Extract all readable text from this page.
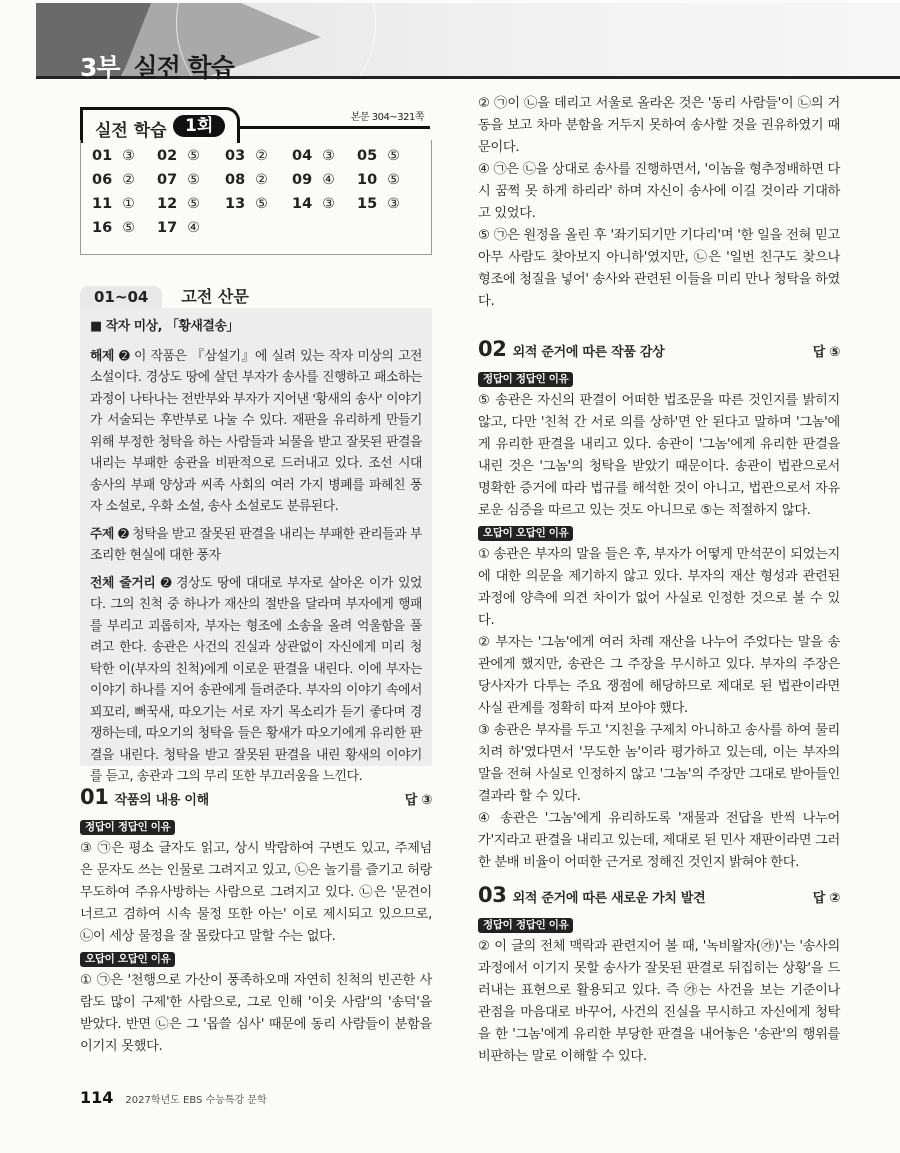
3부 실전 학습
실전 학습	1회	본문 304~321쪽
01 ③	02 ⑤	03 ②	04 ③	05 ⑤
06 ②	07 ⑤	08 ②	09 ④	10 ⑤
11 ①	12 ⑤	13 ⑤	14 ③	15 ③
16 ⑤	17 ④
01~04 고전 산문

■ 작자 미상, 「황새결송」

해제 ➋ 이 작품은 『삼설기』에 실려 있는 작자 미상의 고전 소설이다. 경상도 땅에 살던 부자가 송사를 진행하고 패소하는 과정이 나타나는 전반부와 부자가 지어낸 '황새의 송사' 이야기가 서술되는 후반부로 나눌 수 있다. 재판을 유리하게 만들기 위해 부정한 청탁을 하는 사람들과 뇌물을 받고 잘못된 판결을 내리는 부패한 송관을 비판적으로 드러내고 있다. 조선 시대 송사의 부패 양상과 씨족 사회의 여러 가지 병폐를 파헤친 풍자 소설로, 우화 소설, 송사 소설로도 분류된다.

주제 ➋ 청탁을 받고 잘못된 판결을 내리는 부패한 관리들과 부조리한 현실에 대한 풍자

전체 줄거리 ➋ 경상도 땅에 대대로 부자로 살아온 이가 있었다. 그의 친척 중 하나가 재산의 절반을 달라며 부자에게 행패를 부리고 괴롭히자, 부자는 형조에 소송을 올려 억울함을 풀려고 한다. 송관은 사건의 진실과 상관없이 자신에게 미리 청탁한 이(부자의 친척)에게 이로운 판결을 내린다. 이에 부자는 이야기 하나를 지어 송관에게 들려준다. 부자의 이야기 속에서 꾀꼬리, 뻐꾹새, 따오기는 서로 자기 목소리가 듣기 좋다며 경쟁하는데, 따오기의 청탁을 들은 황새가 따오기에게 유리한 판결을 내린다. 청탁을 받고 잘못된 판결을 내린 황새의 이야기를 듣고, 송관과 그의 무리 또한 부끄러움을 느낀다.

01 작품의 내용 이해	답 ③
정답이 정답인 이유

③ ㉠은 평소 글자도 읽고, 상시 박람하여 구변도 있고, 주제넘은 문자도 쓰는 인물로 그려지고 있고, ㉡은 놀기를 즐기고 허랑무도하여 주유사방하는 사람으로 그려지고 있다. ㉡은 '문견이 너르고 겸하여 시속 물정 또한 아는' 이로 제시되고 있으므로, ㉡이 세상 물정을 잘 몰랐다고 말할 수는 없다.

오답이 오답인 이유

① ㉠은 '천행으로 가산이 풍족하오매 자연히 친척의 빈곤한 사람도 많이 구제'한 사람으로, 그로 인해 '이웃 사람'의 '송덕'을 받았다. 반면 ㉡은 그 '몹쓸 심사' 때문에 동리 사람들이 분함을 이기지 못했다.

② ㉠이 ㉡을 데리고 서울로 올라온 것은 '동리 사람들'이 ㉡의 거동을 보고 차마 분함을 거두지 못하여 송사할 것을 권유하였기 때문이다.

④ ㉠은 ㉡을 상대로 송사를 진행하면서, '이놈을 형추정배하면 다시 꿈쩍 못 하게 하리라' 하며 자신이 송사에 이길 것이라 기대하고 있었다.

⑤ ㉠은 원정을 올린 후 '좌기되기만 기다리'며 '한 일을 전혀 믿고 아무 사람도 찾아보지 아니하'였지만, ㉡은 '일번 친구도 찾으나 형조에 청질을 넣어' 송사와 관련된 이들을 미리 만나 청탁을 하였다.

02 외적 준거에 따른 작품 감상	답 ⑤
정답이 정답인 이유

⑤ 송관은 자신의 판결이 어떠한 법조문을 따른 것인지를 밝히지 않고, 다만 '친척 간 서로 의를 상하'면 안 된다고 말하며 '그놈'에게 유리한 판결을 내리고 있다. 송관이 '그놈'에게 유리한 판결을 내린 것은 '그놈'의 청탁을 받았기 때문이다. 송관이 법관으로서 명확한 증거에 따라 법규를 해석한 것이 아니고, 법관으로서 자유로운 심증을 따르고 있는 것도 아니므로 ⑤는 적절하지 않다.

오답이 오답인 이유

① 송관은 부자의 말을 들은 후, 부자가 어떻게 만석꾼이 되었는지에 대한 의문을 제기하지 않고 있다. 부자의 재산 형성과 관련된 과정에 양측에 의견 차이가 없어 사실로 인정한 것으로 볼 수 있다.

② 부자는 '그놈'에게 여러 차례 재산을 나누어 주었다는 말을 송관에게 했지만, 송관은 그 주장을 무시하고 있다. 부자의 주장은 당사자가 다투는 주요 쟁점에 해당하므로 제대로 된 법관이라면 사실 관계를 정확히 따져 보아야 했다.

③ 송관은 부자를 두고 '지친을 구제치 아니하고 송사를 하여 물리치려 하'였다면서 '무도한 놈'이라 평가하고 있는데, 이는 부자의 말을 전혀 사실로 인정하지 않고 '그놈'의 주장만 그대로 받아들인 결과라 할 수 있다.

④ 송관은 '그놈'에게 유리하도록 '재물과 전답을 반씩 나누어 가'지라고 판결을 내리고 있는데, 제대로 된 민사 재판이라면 그러한 분배 비율이 어떠한 근거로 정해진 것인지 밝혀야 한다.

03 외적 준거에 따른 새로운 가치 발견	답 ②
정답이 정답인 이유

② 이 글의 전체 맥락과 관련지어 볼 때, '녹비왈자(㉮)'는 '송사의 과정에서 이기지 못할 송사가 잘못된 판결로 뒤집히는 상황'을 드러내는 표현으로 활용되고 있다. 즉 ㉮는 사건을 보는 기준이나 관점을 마음대로 바꾸어, 사건의 진실을 무시하고 자신에게 청탁을 한 '그놈'에게 유리한 부당한 판결을 내어놓은 '송관'의 행위를 비판하는 말로 이해할 수 있다.

114 2027학년도 EBS 수능특강 문학
